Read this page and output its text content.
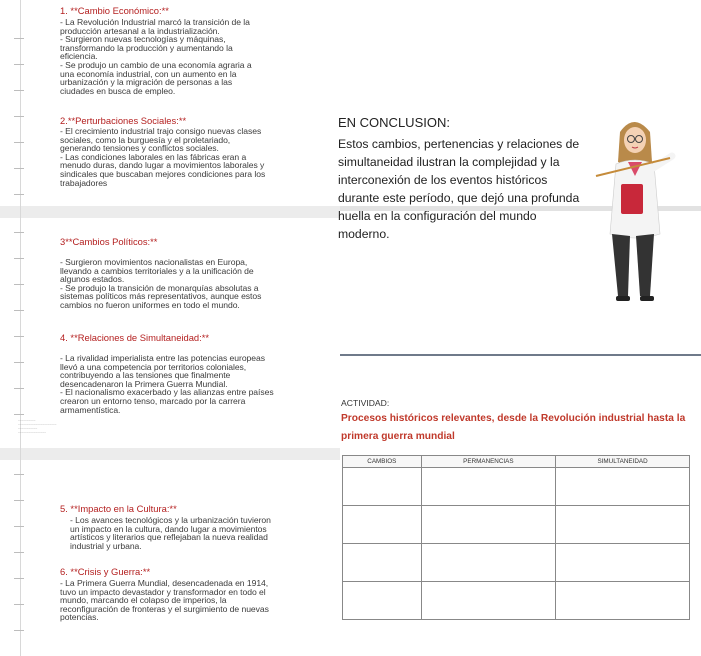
1. **Cambio Económico:**
- La Revolución Industrial marcó la transición de la
producción artesanal a la industrialización.
- Surgieron nuevas tecnologías y máquinas,
transformando la producción y aumentando la
eficiencia.
- Se produjo un cambio de una economía agraria a
una economía industrial, con un aumento en la
urbanización y la migración de personas a las
ciudades en busca de empleo.
2.**Perturbaciones Sociales:**
- El crecimiento industrial trajo consigo nuevas clases
sociales, como la burguesía y el proletariado,
generando tensiones y conflictos sociales.
- Las condiciones laborales en las fábricas eran a
menudo duras, dando lugar a movimientos laborales y
sindicales que buscaban mejores condiciones para los
trabajadores
3**Cambios Políticos:**
- Surgieron movimientos nacionalistas en Europa,
llevando a cambios territoriales y a la unificación de
algunos estados.
- Se produjo la transición de monarquías absolutas a
sistemas políticos más representativos, aunque estos
cambios no fueron uniformes en todo el mundo.
4. **Relaciones de Simultaneidad:**
- La rivalidad imperialista entre las potencias europeas
llevó a una competencia por territorios coloniales,
contribuyendo a las tensiones que finalmente
desencadenaron la Primera Guerra Mundial.
- El nacionalismo exacerbado y las alianzas entre países
crearon un entorno tenso, marcado por la carrera
armamentística.
~~~~~~~~~~
~~~~~~~~~~~~~~~~~~~~~~
~~~~~~~~~~~
~~~~~~~~~~~~~~~~
5. **Impacto en la Cultura:**
- Los avances tecnológicos y la urbanización tuvieron
un impacto en la cultura, dando lugar a movimientos
artísticos y literarios que reflejaban la nueva realidad
industrial y urbana.
6. **Crisis y Guerra:**
- La Primera Guerra Mundial, desencadenada en 1914,
tuvo un impacto devastador y transformador en todo el
mundo, marcando el colapso de imperios, la
reconfiguración de fronteras y el surgimiento de nuevas
potencias.
EN CONCLUSION:
Estos cambios, pertenencias y relaciones de simultaneidad ilustran la complejidad y la interconexión de los eventos históricos durante este período, que dejó una profunda huella en la configuración del mundo moderno.
ACTIVIDAD:
Procesos históricos relevantes, desde la Revolución industrial hasta la primera guerra mundial
CAMBIOS	PERMANENCIAS	SIMULTANEIDAD
